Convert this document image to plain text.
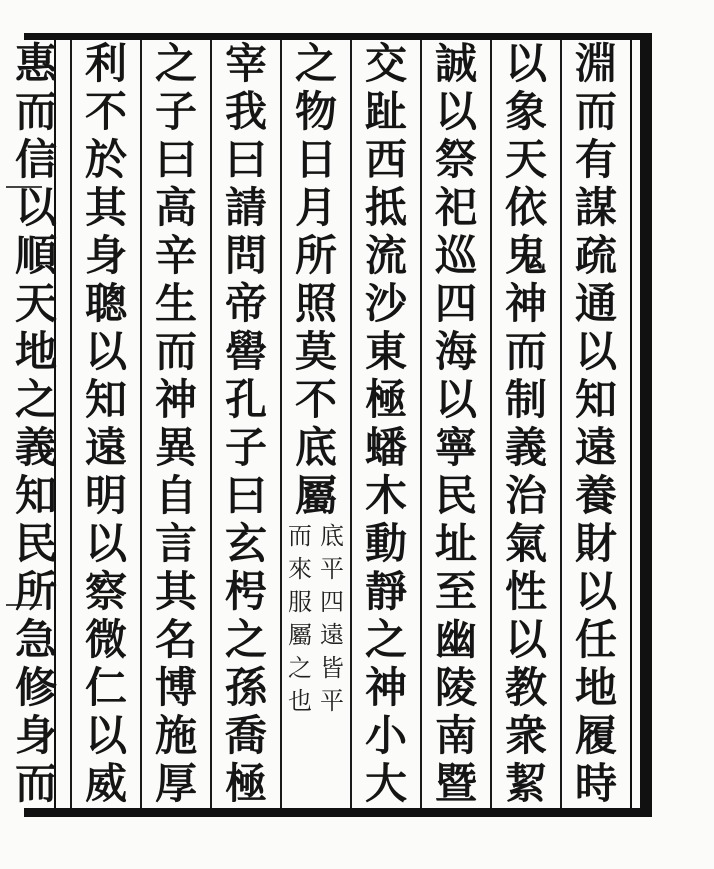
淵
而
有
謀
疏
通
以
知
遠
養
財
以
任
地
履
時
以
象
天
依
鬼
神
而
制
義
治
氣
性
以
教
衆
絜
誠
以
祭
祀
巡
四
海
以
寧
民
址
至
幽
陵
南
暨
交
趾
西
抵
流
沙
東
極
蟠
木
動
靜
之
神
小
大
之
物
日
月
所
照
莫
不
底
屬
底
平
四
遠
皆
平
而
來
服
屬
之
也
宰
我
曰
請
問
帝
嚳
孔
子
曰
玄
枵
之
孫
喬
極
之
子
曰
高
辛
生
而
神
異
自
言
其
名
博
施
厚
利
不
於
其
身
聰
以
知
遠
明
以
察
微
仁
以
威
惠
而
信
以
順
天
地
之
義
知
民
所
急
修
身
而
